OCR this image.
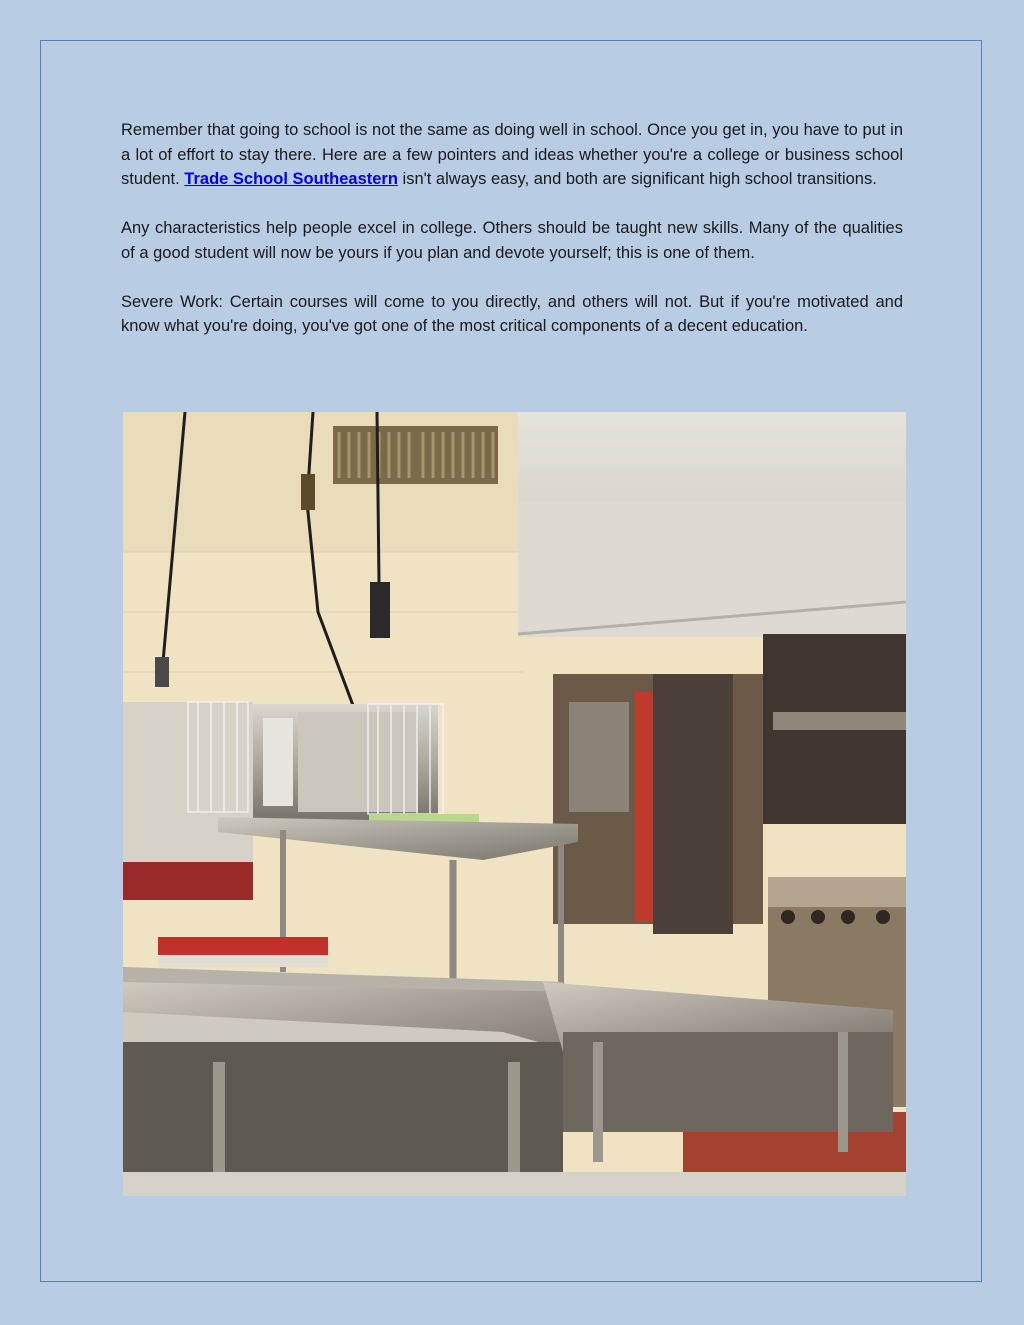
Remember that going to school is not the same as doing well in school. Once you get in, you have to put in a lot of effort to stay there. Here are a few pointers and ideas whether you're a college or business school student. Trade School Southeastern isn't always easy, and both are significant high school transitions.

Any characteristics help people excel in college. Others should be taught new skills. Many of the qualities of a good student will now be yours if you plan and devote yourself; this is one of them.

Severe Work: Certain courses will come to you directly, and others will not. But if you're motivated and know what you're doing, you've got one of the most critical components of a decent education.
